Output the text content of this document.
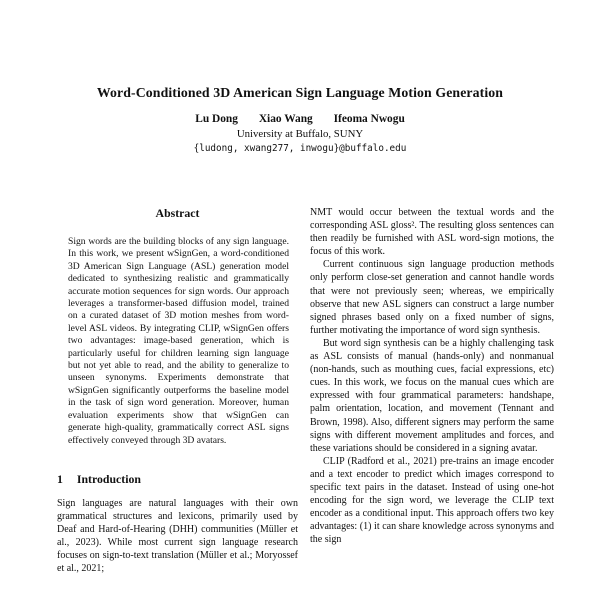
Word-Conditioned 3D American Sign Language Motion Generation
Lu Dong Xiao Wang Ifeoma Nwogu
University at Buffalo, SUNY
{ludong, xwang277, inwogu}@buffalo.edu
Abstract

Sign words are the building blocks of any sign language. In this work, we present wSignGen, a word-conditioned 3D American Sign Language (ASL) generation model dedicated to synthesizing realistic and grammatically accurate motion sequences for sign words. Our approach leverages a transformer-based diffusion model, trained on a curated dataset of 3D motion meshes from word-level ASL videos. By integrating CLIP, wSignGen offers two advantages: image-based generation, which is particularly useful for children learning sign language but not yet able to read, and the ability to generalize to unseen synonyms. Experiments demonstrate that wSignGen significantly outperforms the baseline model in the task of sign word generation. Moreover, human evaluation experiments show that wSignGen can generate high-quality, grammatically correct ASL signs effectively conveyed through 3D avatars.

1 Introduction

Sign languages are natural languages with their own grammatical structures and lexicons, primarily used by Deaf and Hard-of-Hearing (DHH) communities (Müller et al., 2023). While most current sign language research focuses on sign-to-text translation (Müller et al.; Moryossef et al., 2021;

NMT would occur between the textual words and the corresponding ASL gloss². The resulting gloss sentences can then readily be furnished with ASL word-sign motions, the focus of this work.

Current continuous sign language production methods only perform close-set generation and cannot handle words that were not previously seen; whereas, we empirically observe that new ASL signers can construct a large number signed phrases based only on a fixed number of signs, further motivating the importance of word sign synthesis.

But word sign synthesis can be a highly challenging task as ASL consists of manual (hands-only) and nonmanual (non-hands, such as mouthing cues, facial expressions, etc) cues. In this work, we focus on the manual cues which are expressed with four grammatical parameters: handshape, palm orientation, location, and movement (Tennant and Brown, 1998). Also, different signers may perform the same signs with different movement amplitudes and forces, and these variations should be considered in a signing avatar.

CLIP (Radford et al., 2021) pre-trains an image encoder and a text encoder to predict which images correspond to specific text pairs in the dataset. Instead of using one-hot encoding for the sign word, we leverage the CLIP text encoder as a conditional input. This approach offers two key advantages: (1) it can share knowledge across synonyms and the sign
